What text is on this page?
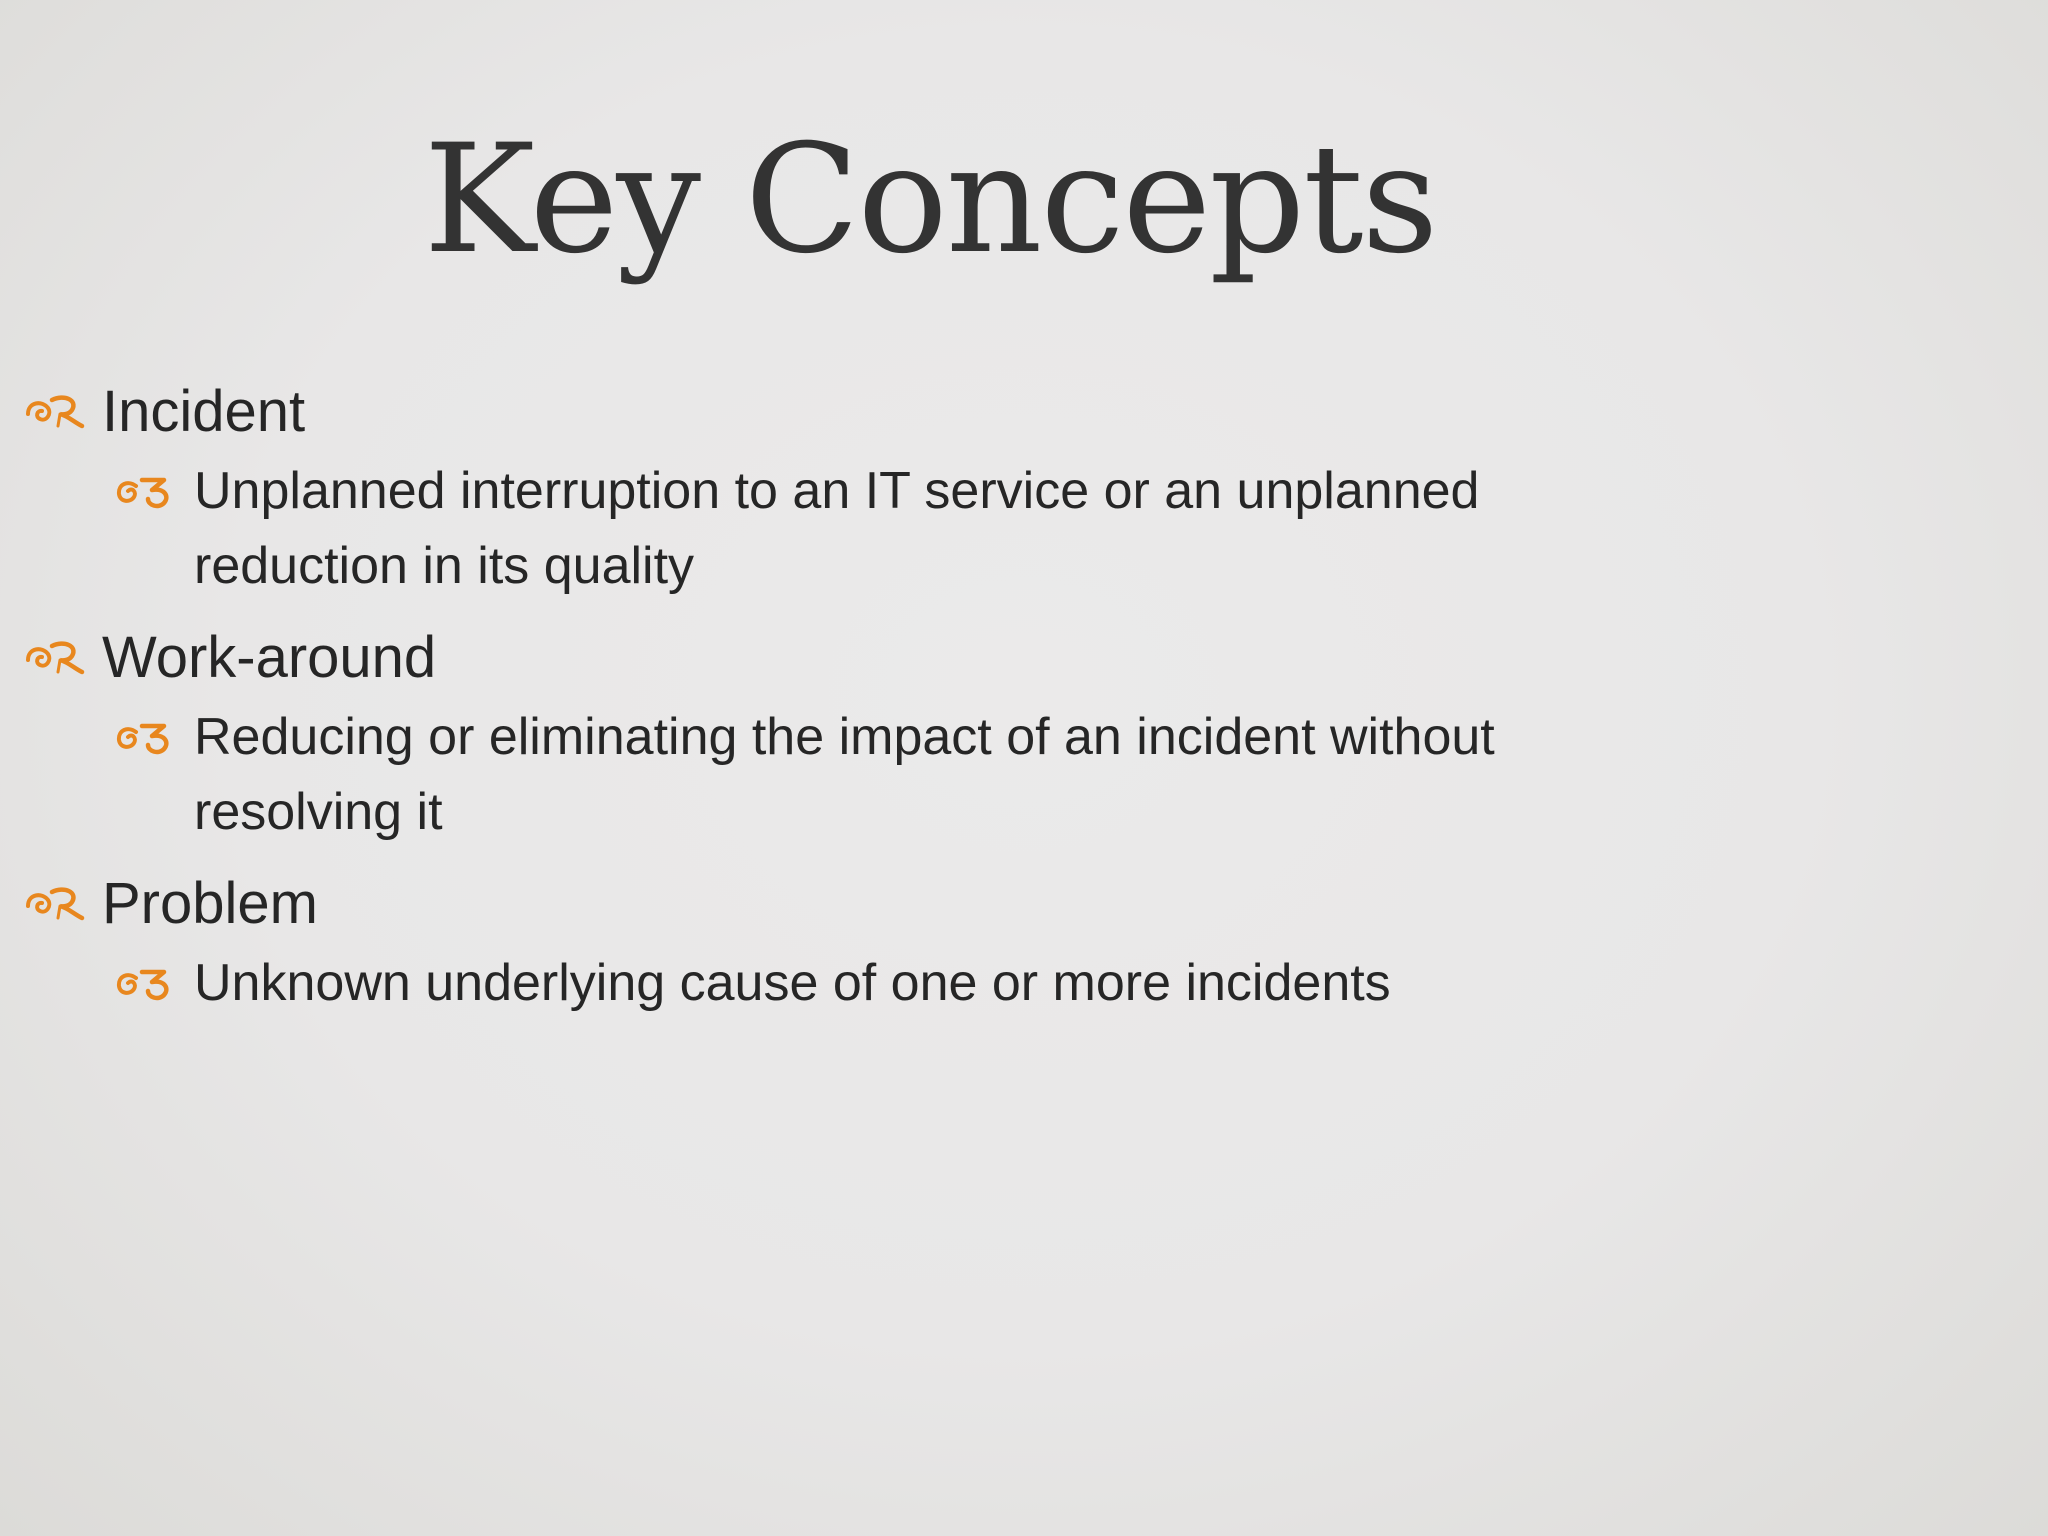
Key Concepts
Incident
Unplanned interruption to an IT service or an unplanned reduction in its quality
Work-around
Reducing or eliminating the impact of an incident without resolving it
Problem
Unknown underlying cause of one or more incidents
